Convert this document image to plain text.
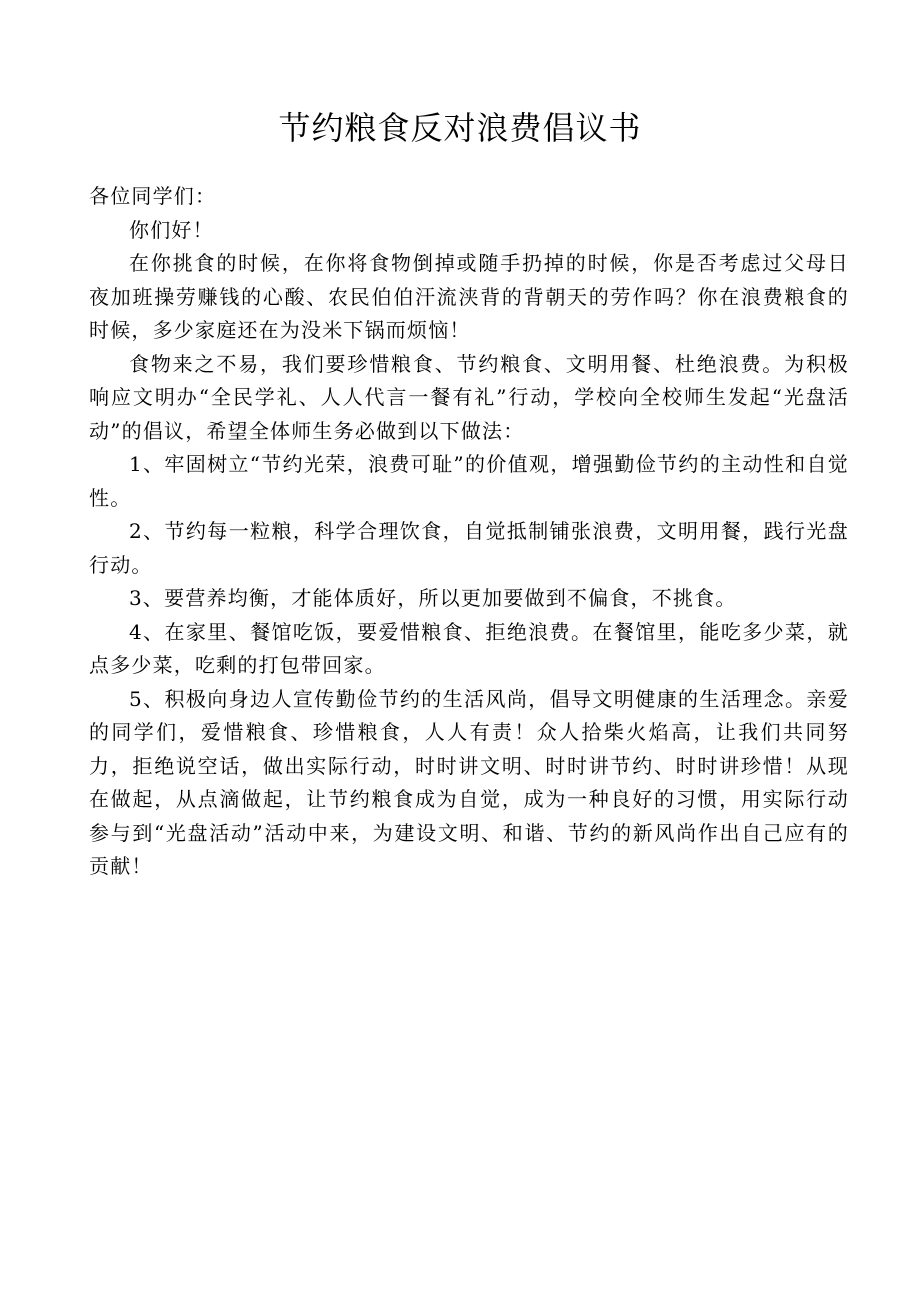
节约粮食反对浪费倡议书

各位同学们：

你们好！

在你挑食的时候，在你将食物倒掉或随手扔掉的时候，你是否考虑过父母日夜加班操劳赚钱的心酸、农民伯伯汗流浃背的背朝天的劳作吗？你在浪费粮食的时候，多少家庭还在为没米下锅而烦恼！

食物来之不易，我们要珍惜粮食、节约粮食、文明用餐、杜绝浪费。为积极响应文明办“全民学礼、人人代言一餐有礼”行动，学校向全校师生发起“光盘活动”的倡议，希望全体师生务必做到以下做法：

1、牢固树立“节约光荣，浪费可耻”的价值观，增强勤俭节约的主动性和自觉性。

2、节约每一粒粮，科学合理饮食，自觉抵制铺张浪费，文明用餐，践行光盘行动。

3、要营养均衡，才能体质好，所以更加要做到不偏食，不挑食。

4、在家里、餐馆吃饭，要爱惜粮食、拒绝浪费。在餐馆里，能吃多少菜，就点多少菜，吃剩的打包带回家。

5、积极向身边人宣传勤俭节约的生活风尚，倡导文明健康的生活理念。亲爱的同学们，爱惜粮食、珍惜粮食，人人有责！众人拾柴火焰高，让我们共同努力，拒绝说空话，做出实际行动，时时讲文明、时时讲节约、时时讲珍惜！从现在做起，从点滴做起，让节约粮食成为自觉，成为一种良好的习惯，用实际行动参与到“光盘活动”活动中来，为建设文明、和谐、节约的新风尚作出自己应有的贡献！
